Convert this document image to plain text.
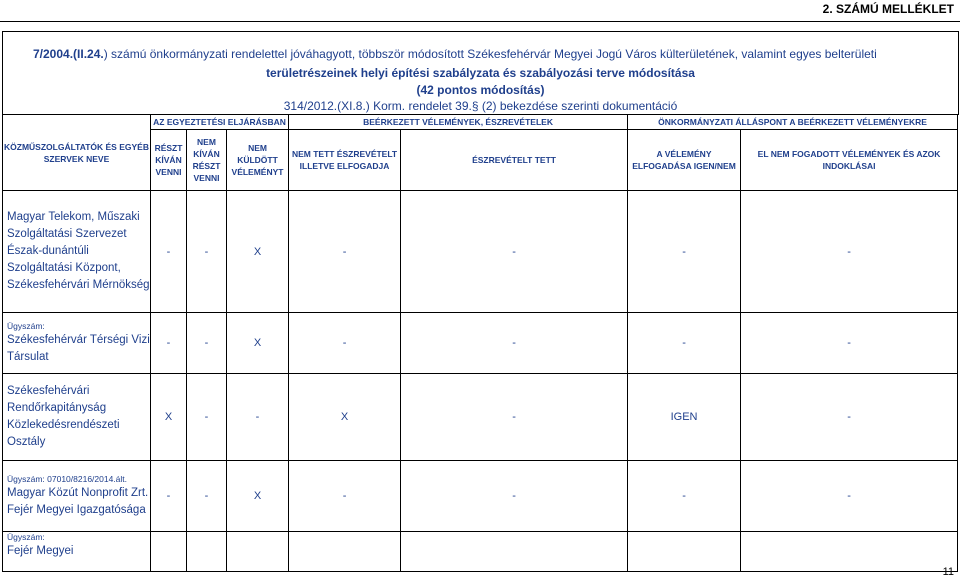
2. SZÁMÚ MELLÉKLET
7/2004.(II.24.) számú önkormányzati rendelettel jóváhagyott, többször módosított Székesfehérvár Megyei Jogú Város külterületének, valamint egyes belterületi
területrészeinek helyi építési szabályzata és szabályozási terve módosítása
(42 pontos módosítás)
314/2012.(XI.8.) Korm. rendelet 39.§ (2) bekezdése szerinti dokumentáció
KÖZMŰSZOLGÁLTATÓK ÉS EGYÉB SZERVEK NEVE	AZ EGYEZTETÉSI ELJÁRÁSBAN			BEÉRKEZETT VÉLEMÉNYEK, ÉSZREVÉTELEK		ÖNKORMÁNYZATI ÁLLÁSPONT A BEÉRKEZETT VÉLEMÉNYEKRE	
	RÉSZT KÍVÁN VENNI	NEM KÍVÁN RÉSZT VENNI	NEM KÜLDÖTT VÉLEMÉNYT	NEM TETT ÉSZREVÉTELT ILLETVE ELFOGADJA	ÉSZREVÉTELT TETT	A VÉLEMÉNY ELFOGADÁSA IGEN/NEM	EL NEM FOGADOTT VÉLEMÉNYEK ÉS AZOK INDOKLÁSAI
Magyar Telekom, Műszaki Szolgáltatási Szervezet Észak-dunántúli Szolgáltatási Központ, Székesfehérvári Mérnökség	-	-	X	-	-	-	-

Ügyszám:
Székesfehérvár Térségi Vizi Társulat	-	-	X	-	-	-	-
Székesfehérvári Rendőrkapitányság Közlekedésrendészeti Osztály	X	-	-	X	-	IGEN	-

Ügyszám: 07010/8216/2014.ált.
Magyar Közút Nonprofit Zrt. Fejér Megyei Igazgatósága	-	-	X	-	-	-	-

Ügyszám:
Fejér Megyei							
11
